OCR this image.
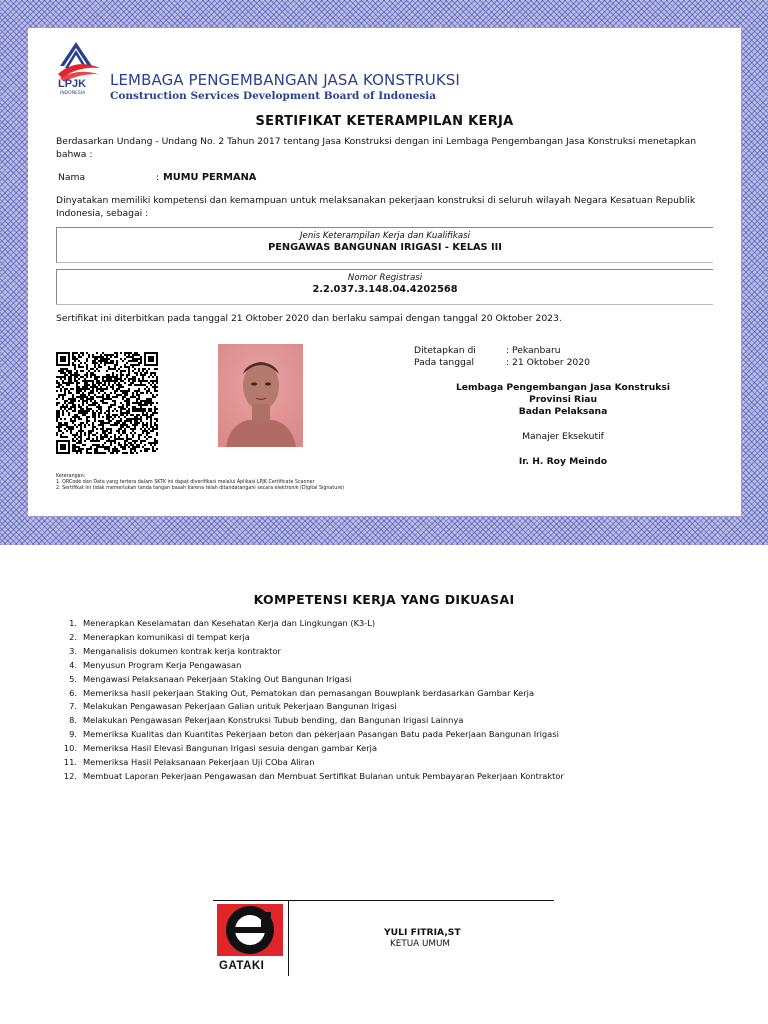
LPJK
INDONESIA
LEMBAGA PENGEMBANGAN JASA KONSTRUKSI
Construction Services Development Board of Indonesia
SERTIFIKAT KETERAMPILAN KERJA
Berdasarkan Undang - Undang No. 2 Tahun 2017 tentang Jasa Konstruksi dengan ini Lembaga Pengembangan Jasa Konstruksi menetapkan bahwa :
Nama	: MUMU PERMANA
Dinyatakan memiliki kompetensi dan kemampuan untuk melaksanakan pekerjaan konstruksi di seluruh wilayah Negara Kesatuan Republik Indonesia, sebagai :
Jenis Keterampilan Kerja dan Kualifikasi
PENGAWAS BANGUNAN IRIGASI - KELAS III
Nomor Registrasi
2.2.037.3.148.04.4202568
Sertifikat ini diterbitkan pada tanggal 21 Oktober 2020 dan berlaku sampai dengan tanggal 20 Oktober 2023.
Ditetapkan di	: Pekanbaru
Pada tanggal	: 21 Oktober 2020
Lembaga Pengembangan Jasa Konstruksi
Provinsi Riau
Badan Pelaksana
Manajer Eksekutif
Ir. H. Roy Meindo
Keterangan:
1. QRCode dan Data yang tertera dalam SKTK ini dapat diverifikasi melalui Aplikasi LPJK Certificate Scanner
2. Sertifikat ini tidak memerlukan tanda tangan basah karena telah ditandatangani secara elektronik (Digital Signature)
KOMPETENSI KERJA YANG DIKUASAI
1. Menerapkan Keselamatan dan Kesehatan Kerja dan Lingkungan (K3-L)
2. Menerapkan komunikasi di tempat kerja
3. Menganalisis dokumen kontrak kerja kontraktor
4. Menyusun Program Kerja Pengawasan
5. Mengawasi Pelaksanaan Pekerjaan Staking Out Bangunan Irigasi
6. Memeriksa hasil pekerjaan Staking Out, Pematokan dan pemasangan Bouwplank berdasarkan Gambar Kerja
7. Melakukan Pengawasan Pekerjaan Galian untuk Pekerjaan Bangunan Irigasi
8. Melakukan Pengawasan Pekerjaan Konstruksi Tubub bending, dan Bangunan Irigasi Lainnya
9. Memeriksa Kualitas dan Kuantitas Pekerjaan beton dan pekerjaan Pasangan Batu pada Pekerjaan Bangunan Irigasi
10. Memeriksa Hasil Elevasi Bangunan Irigasi sesuia dengan gambar Kerja
11. Memeriksa Hasil Pelaksanaan Pekerjaan Uji COba Aliran
12. Membuat Laporan Pekerjaan Pengawasan dan Membuat Sertifikat Bulanan untuk Pembayaran Pekerjaan Kontraktor
GATAKI
YULI FITRIA,ST
KETUA UMUM
